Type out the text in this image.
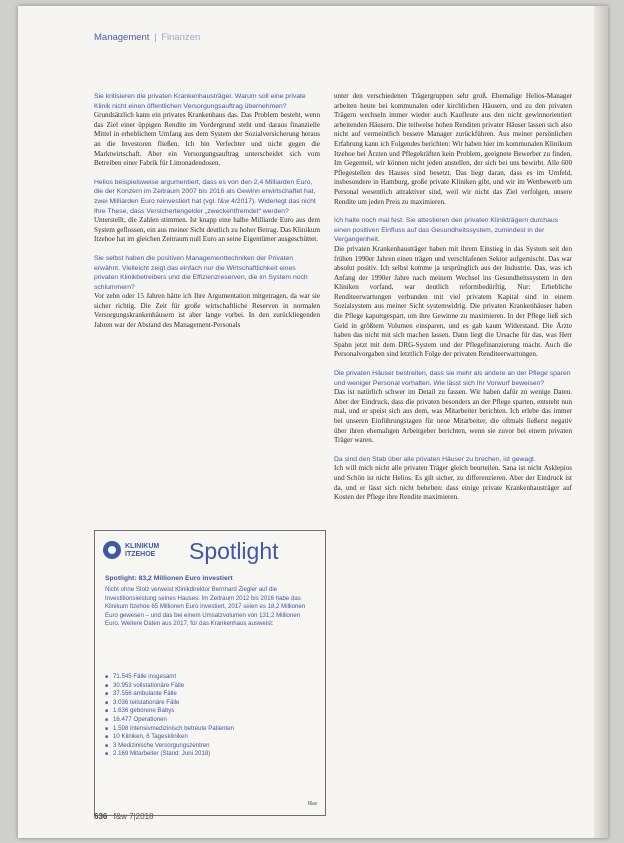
Management | Finanzen

Sie kritisieren die privaten Krankenhausträger. Warum soll eine private Klinik nicht einen öffentlichen Versorgungsauftrag übernehmen?

Grundsätzlich kann ein privates Krankenhaus das. Das Problem besteht, wenn das Ziel einer üppigen Rendite im Vordergrund steht und daraus finanzielle Mittel in erheblichem Umfang aus dem System der Sozialversicherung heraus an die Investoren fließen. Ich bin Verfechter und nicht gegen die Marktwirtschaft. Aber ein Versorgungsauftrag unterscheidet sich vom Betreiben einer Fabrik für Limonadendosen.

Helios beispielsweise argumentiert, dass es von den 2,4 Milliarden Euro, die der Konzern im Zeitraum 2007 bis 2016 als Gewinn erwirtschaftet hat, zwei Milliarden Euro reinvestiert hat (vgl. f&w 4/2017). Widerlegt das nicht Ihre These, dass Versichertengelder „zweckentfremdet“ werden?

Unterstellt, die Zahlen stimmen. Ist knapp eine halbe Milliarde Euro aus dem System geflossen, ein aus meiner Sicht deutlich zu hoher Betrag. Das Klinikum Itzehoe hat im gleichen Zeitraum null Euro an seine Eigentümer ausgeschüttet.

Sie selbst haben die positiven Managementtechniken der Privaten erwähnt. Vielleicht zeigt das einfach nur die Wirtschaftlichkeit eines privaten Klinikbetreibers und die Effizienzreserven, die im System noch schlummern?

Vor zehn oder 15 Jahren hätte ich Ihre Argumentation mitgetragen, da war sie sicher richtig. Die Zeit für große wirtschaftliche Reserven in normalen Versorgungskrankenhäusern ist aber lange vorbei. In den zurückliegenden Jahren war der Abstand des Management-Personals

unter den verschiedenen Trägergruppen sehr groß. Ehemalige Helios-Manager arbeiten heute bei kommunalen oder kirchlichen Häusern, und zu den privaten Trägern wechseln immer wieder auch Kaufleute aus den nicht gewinnorientiert arbeitenden Häusern. Die teilweise hohen Renditen privater Häuser lassen sich also nicht auf vermeintlich bessere Manager zurückführen. Aus meiner persönlichen Erfahrung kann ich Folgendes berichten: Wir haben hier im kommunalen Klinikum Itzehoe bei Ärzten und Pflegekräften kein Problem, geeignete Bewerber zu finden. Im Gegenteil, wir können nicht jeden anstellen, der sich bei uns bewirbt. Alle 600 Pflegestellen des Hauses sind besetzt. Das liegt daran, dass es im Umfeld, insbesondere in Hamburg, große private Kliniken gibt, und wir im Wettbewerb um Personal wesentlich attraktiver sind, weil wir nicht das Ziel verfolgen, unsere Rendite um jeden Preis zu maximieren.

Ich halte noch mal fest: Sie attestieren den privaten Klinikträgern durchaus einen positiven Einfluss auf das Gesundheitssystem, zumindest in der Vergangenheit.

Die privaten Krankenhausträger haben mit ihrem Einstieg in das System seit den frühen 1990er Jahren einen trägen und verschlafenen Sektor aufgemischt. Das war absolut positiv. Ich selbst komme ja ursprünglich aus der Industrie. Das, was ich Anfang der 1990er Jahre nach meinem Wechsel ins Gesundheitssystem in den Kliniken vorfand, war deutlich reformbedürftig. Nur: Erhebliche Renditeerwartungen verbunden mit viel privatem Kapital sind in einem Sozialsystem aus meiner Sicht systemwidrig. Die privaten Krankenhäuser haben die Pflege kaputtgespart, um ihre Gewinne zu maximieren. In der Pflege ließ sich Geld in größtem Volumen einsparen, und es gab kaum Widerstand. Die Ärzte haben das nicht mit sich machen lassen. Dann liegt die Ursache für das, was Herr Spahn jetzt mit dem DRG-System und der Pflegefinanzierung macht. Auch die Personalvorgaben sind letztlich Folge der privaten Renditeerwartungen.

Die privaten Häuser bestreiten, dass sie mehr als andere an der Pflege sparen und weniger Personal vorhalten. Wie lässt sich Ihr Vorwurf beweisen?

Das ist natürlich schwer im Detail zu fassen. Wir haben dafür zu wenige Daten. Aber der Eindruck, dass die privaten besonders an der Pflege sparten, entsteht nun mal, und er speist sich aus dem, was Mitarbeiter berichten. Ich erlebe das immer bei unseren Einführungstagen für neue Mitarbeiter, die oftmals ließerst negativ über ihren ehemaligen Arbeitgeber berichten, wenn sie zuvor bei einem privaten Träger waren.

Da sind den Stab über alle privaten Häuser zu brechen, ist gewagt.

Ich will mich nicht alle privaten Träger gleich beurteilen. Sana ist nicht Asklepios und Schön ist nicht Helios. Es gilt sicher, zu differenzieren. Aber der Eindruck ist da, und er lässt sich nicht beheben: dass einige private Krankenhausträger auf Kosten der Pflege ihre Rendite maximieren.

KLINIKUM
ITZEHOE Spotlight
Spotlight: 83,2 Millionen Euro investiert
Nicht ohne Stolz verweist Klinikdirektor Bernhard Ziegler auf die Investitionsleistung seines Hauses. Im Zeitraum 2012 bis 2016 habe das Klinikum Itzehoe 65 Millionen Euro investiert, 2017 seien es 18,2 Millionen Euro gewesen – und das bei einem Umsatzvolumen von 131,2 Millionen Euro. Weitere Daten aus 2017, für das Krankenhaus ausweist:
■ 71.545 Fälle insgesamt
■ 30.953 vollstationäre Fälle
■ 37.556 ambulante Fälle
■ 3.036 teilstationäre Fälle
■ 1.636 geborene Babys
■ 16.477 Operationen
■ 1.598 intensivmedizinisch betreute Patienten
■ 10 Kliniken, 6 Tageskliniken
■ 3 Medizinische Versorgungszentren
■ 2.169 Mitarbeiter (Stand: Juni 2018)
f&w
636 f&w 7|2018
